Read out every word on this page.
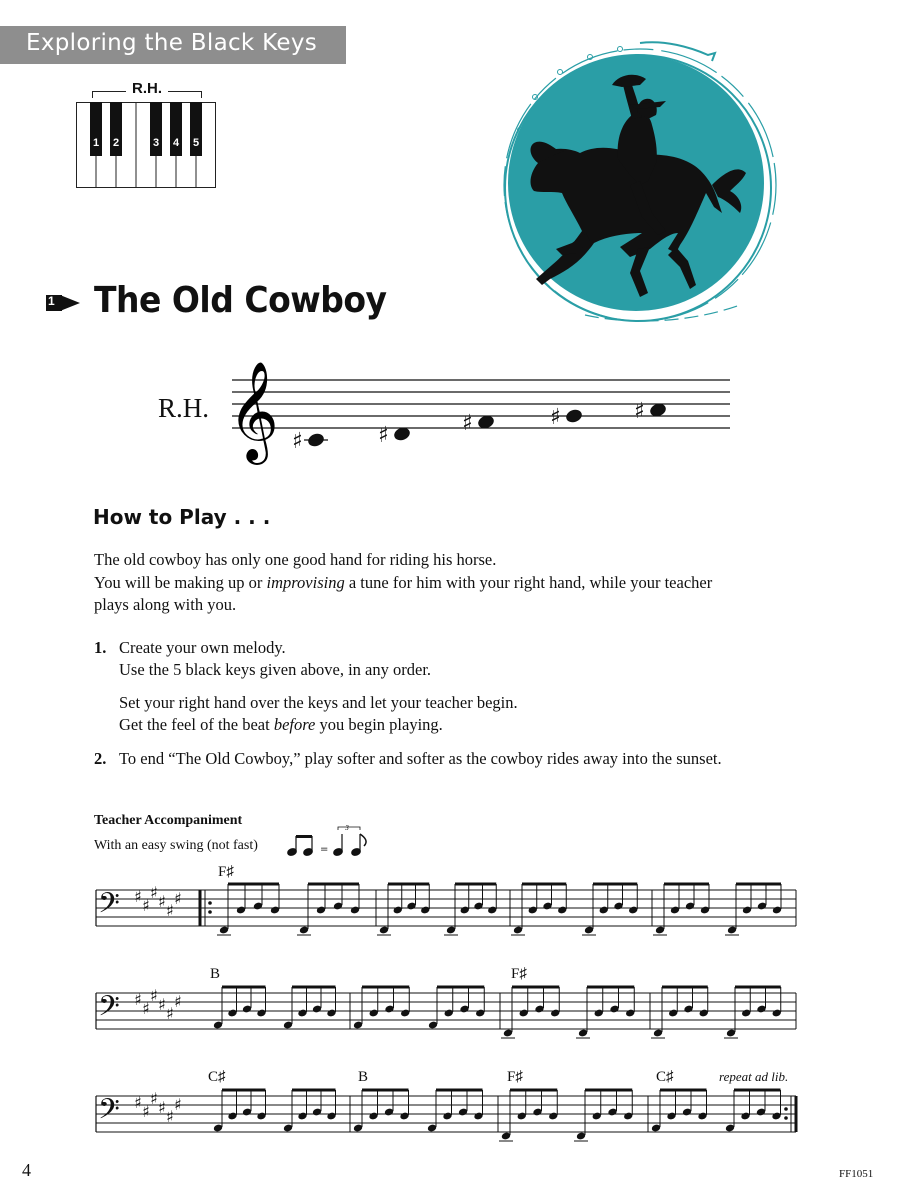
Exploring the Black Keys
R.H.
1 2	3 4 5
1 The Old Cowboy
R.H. 𝄞 ♯	♯	♯	♯	♯
How to Play . . .
The old cowboy has only one good hand for riding his horse.
You will be making up or improvising a tune for him with your right hand, while your teacher
plays along with you.
1. Create your own melody.
Use the 5 black keys given above, in any order.
Set your right hand over the keys and let your teacher begin.
Get the feel of the beat before you begin playing.
2. To end “The Old Cowboy,” play softer and softer as the cowboy rides away into the sunset.
Teacher Accompaniment
With an easy swing (not fast)	=
3
F♯
B	F♯
C♯	B	F♯	C♯	repeat ad lib.
𝄢 ♯ ♯
♯ ♯ ♯
♯
𝄢 ♯ ♯
♯ ♯ ♯
♯
𝄢 ♯ ♯
♯ ♯ ♯
♯
4	FF1051
